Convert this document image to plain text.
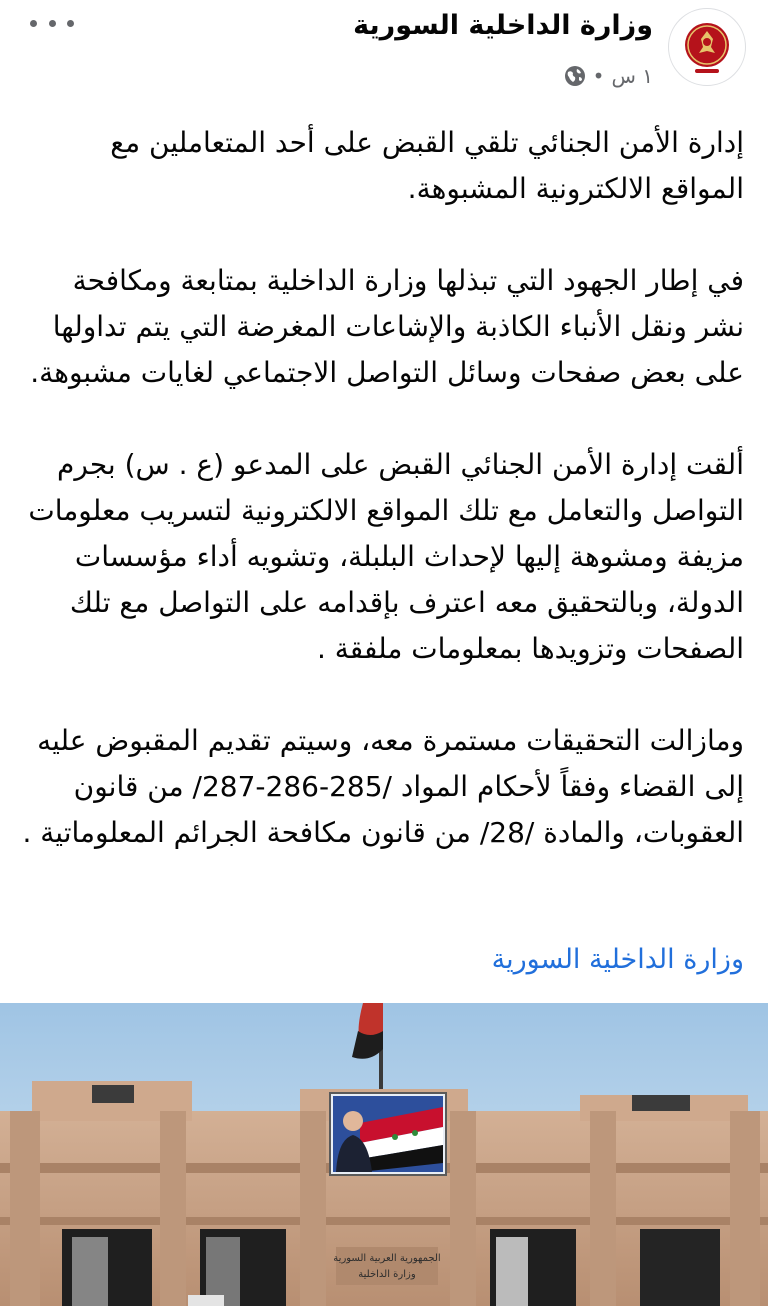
وزارة الداخلية السورية
١ س
•

إدارة الأمن الجنائي تلقي القبض على أحد المتعاملين مع المواقع الالكترونية المشبوهة.

في إطار الجهود التي تبذلها وزارة الداخلية بمتابعة ومكافحة نشر ونقل الأنباء الكاذبة والإشاعات المغرضة التي يتم تداولها على بعض صفحات وسائل التواصل الاجتماعي لغايات مشبوهة.

ألقت إدارة الأمن الجنائي القبض على المدعو (ع . س) بجرم التواصل والتعامل مع تلك المواقع الالكترونية لتسريب معلومات مزيفة ومشوهة إليها لإحداث البلبلة، وتشويه أداء مؤسسات الدولة، وبالتحقيق معه اعترف بإقدامه على التواصل مع تلك الصفحات وتزويدها بمعلومات ملفقة .

ومازالت التحقيقات مستمرة معه، وسيتم تقديم المقبوض عليه إلى القضاء وفقاً لأحكام المواد /285-286-287/ من قانون العقوبات، والمادة /28/ من قانون مكافحة الجرائم المعلوماتية .

وزارة الداخلية السورية
الجمهورية العربية السورية
وزارة الداخلية
